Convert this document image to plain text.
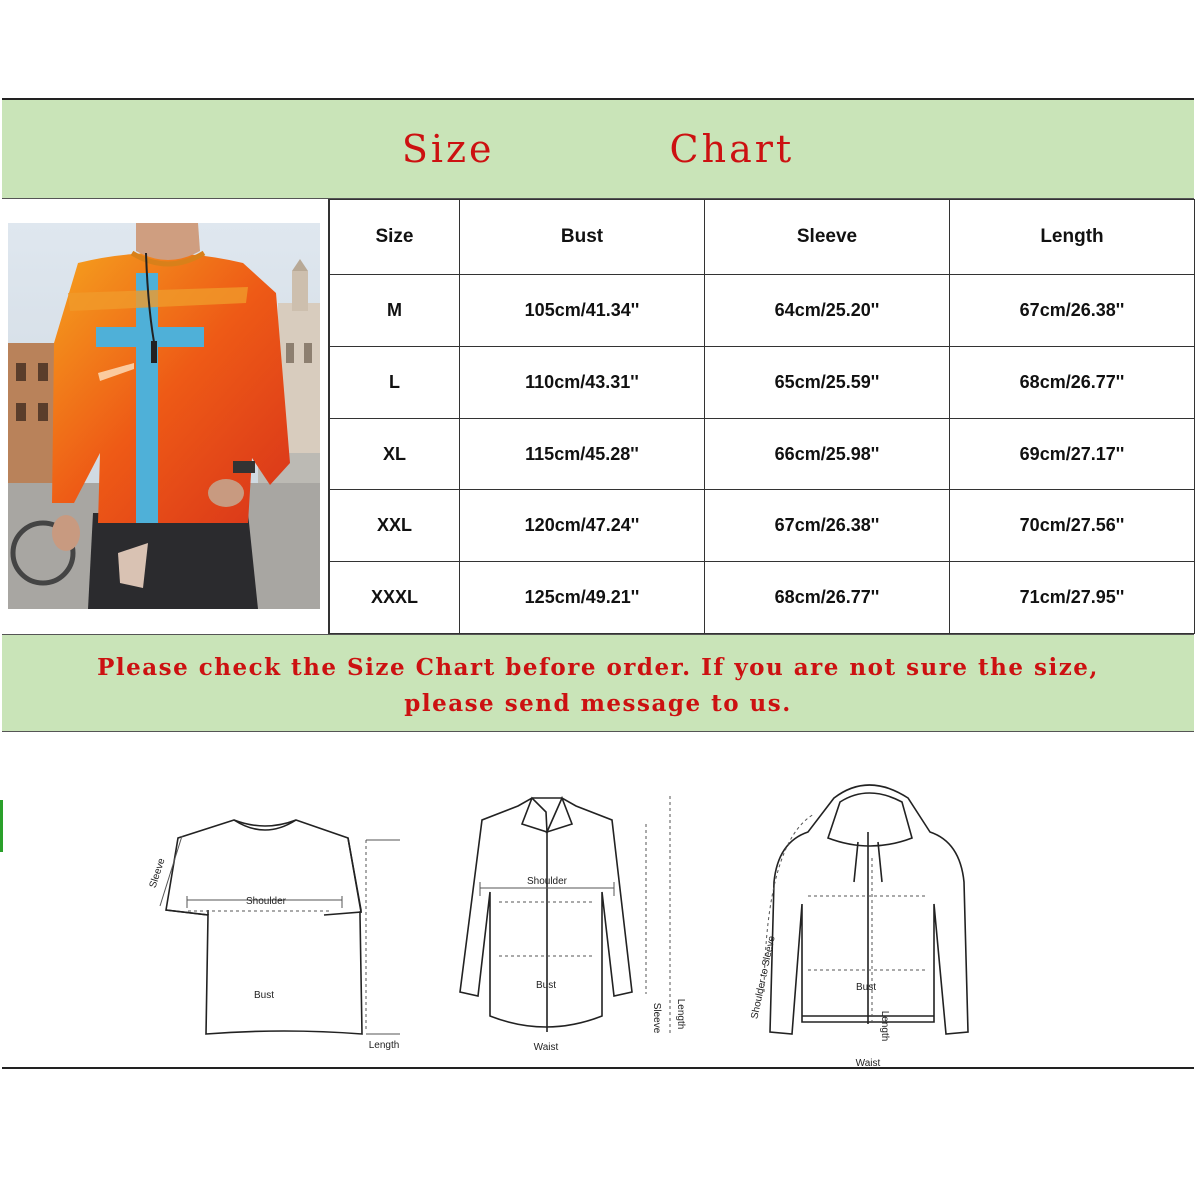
Size	Chart
Size	Bust	Sleeve	Length
M	105cm/41.34''	64cm/25.20''	67cm/26.38''
L	110cm/43.31''	65cm/25.59''	68cm/26.77''
XL	115cm/45.28''	66cm/25.98''	69cm/27.17''
XXL	120cm/47.24''	67cm/26.38''	70cm/27.56''
XXXL	125cm/49.21''	68cm/26.77''	71cm/27.95''
Please check the Size Chart before order. If you are not sure the size,
please send message to us.
Shoulder
Sleeve
Bust
Length
Shoulder
Bust
Waist
Sleeve Length	Shoulder to Sleeve	Bust
Length
Waist
